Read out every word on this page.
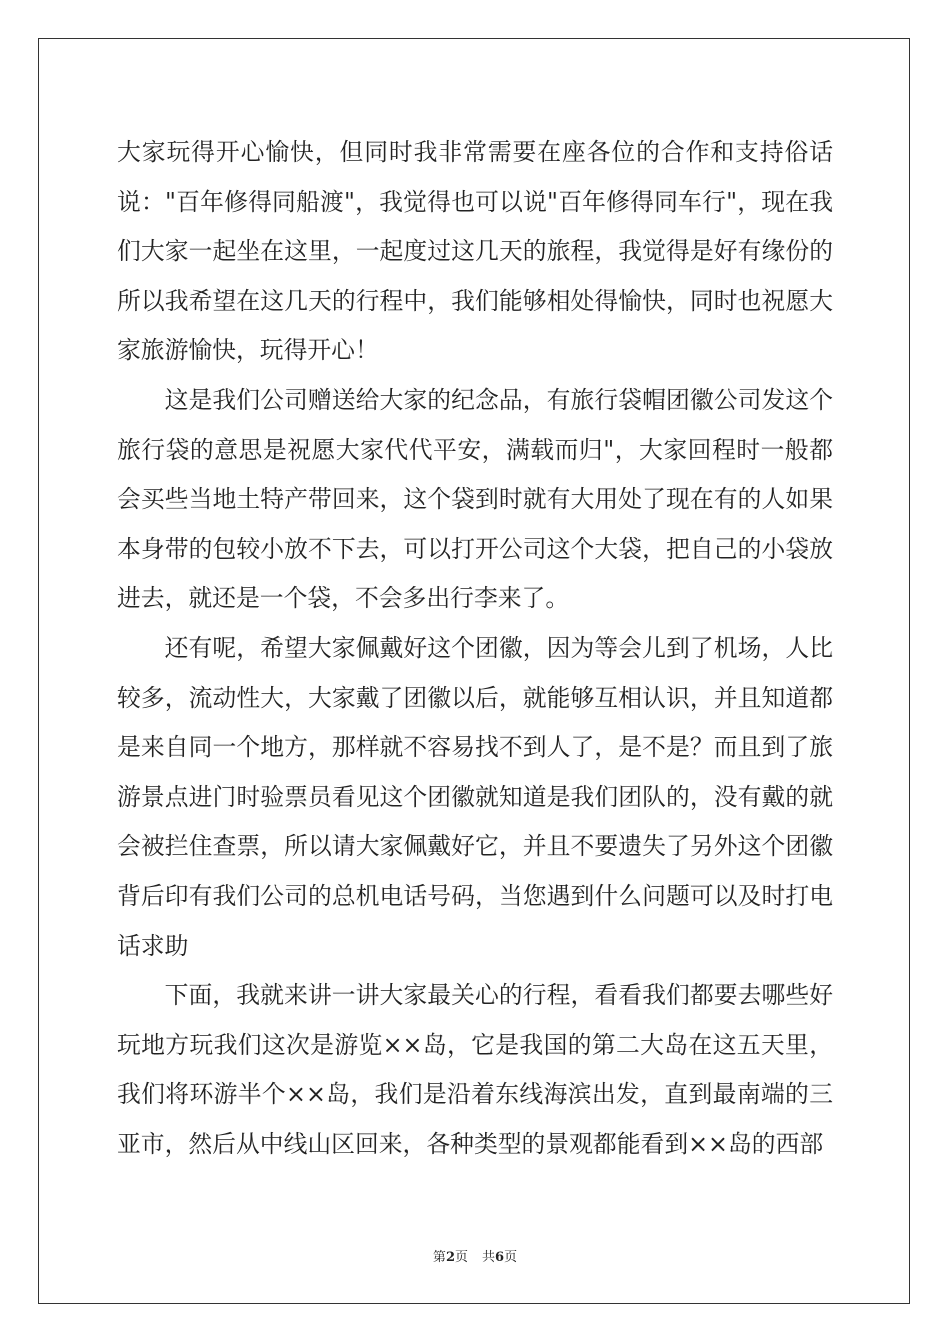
大家玩得开心愉快，但同时我非常需要在座各位的合作和支持俗话说："百年修得同船渡"，我觉得也可以说"百年修得同车行"，现在我们大家一起坐在这里，一起度过这几天的旅程，我觉得是好有缘份的所以我希望在这几天的行程中，我们能够相处得愉快，同时也祝愿大家旅游愉快，玩得开心！

这是我们公司赠送给大家的纪念品，有旅行袋帽团徽公司发这个旅行袋的意思是祝愿大家代代平安，满载而归"，大家回程时一般都会买些当地土特产带回来，这个袋到时就有大用处了现在有的人如果本身带的包较小放不下去，可以打开公司这个大袋，把自己的小袋放进去，就还是一个袋，不会多出行李来了。

还有呢，希望大家佩戴好这个团徽，因为等会儿到了机场，人比较多，流动性大，大家戴了团徽以后，就能够互相认识，并且知道都是来自同一个地方，那样就不容易找不到人了，是不是？而且到了旅游景点进门时验票员看见这个团徽就知道是我们团队的，没有戴的就会被拦住查票，所以请大家佩戴好它，并且不要遗失了另外这个团徽背后印有我们公司的总机电话号码，当您遇到什么问题可以及时打电话求助

下面，我就来讲一讲大家最关心的行程，看看我们都要去哪些好玩地方玩我们这次是游览××岛，它是我国的第二大岛在这五天里，我们将环游半个××岛，我们是沿着东线海滨出发，直到最南端的三亚市，然后从中线山区回来，各种类型的景观都能看到××岛的西部

第2页 共6页
